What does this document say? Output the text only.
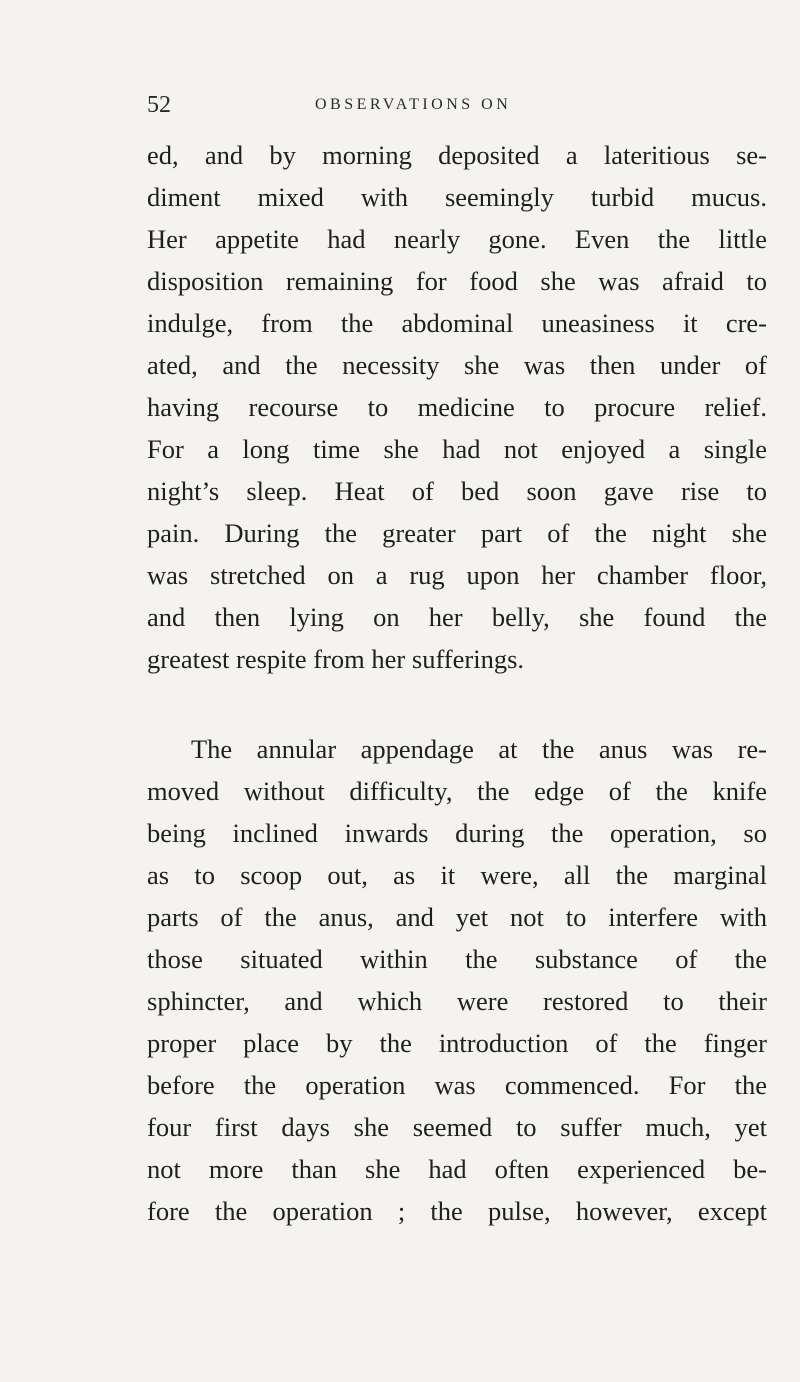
52	OBSERVATIONS ON
ed, and by morning deposited a lateritious se-
diment mixed with seemingly turbid mucus.
Her appetite had nearly gone. Even the little
disposition remaining for food she was afraid to
indulge, from the abdominal uneasiness it cre-
ated, and the necessity she was then under of
having recourse to medicine to procure relief.
For a long time she had not enjoyed a single
night’s sleep. Heat of bed soon gave rise to
pain. During the greater part of the night she
was stretched on a rug upon her chamber floor,
and then lying on her belly, she found the
greatest respite from her sufferings.
The annular appendage at the anus was re-
moved without difficulty, the edge of the knife
being inclined inwards during the operation, so
as to scoop out, as it were, all the marginal
parts of the anus, and yet not to interfere with
those situated within the substance of the
sphincter, and which were restored to their
proper place by the introduction of the finger
before the operation was commenced. For the
four first days she seemed to suffer much, yet
not more than she had often experienced be-
fore the operation ; the pulse, however, except
